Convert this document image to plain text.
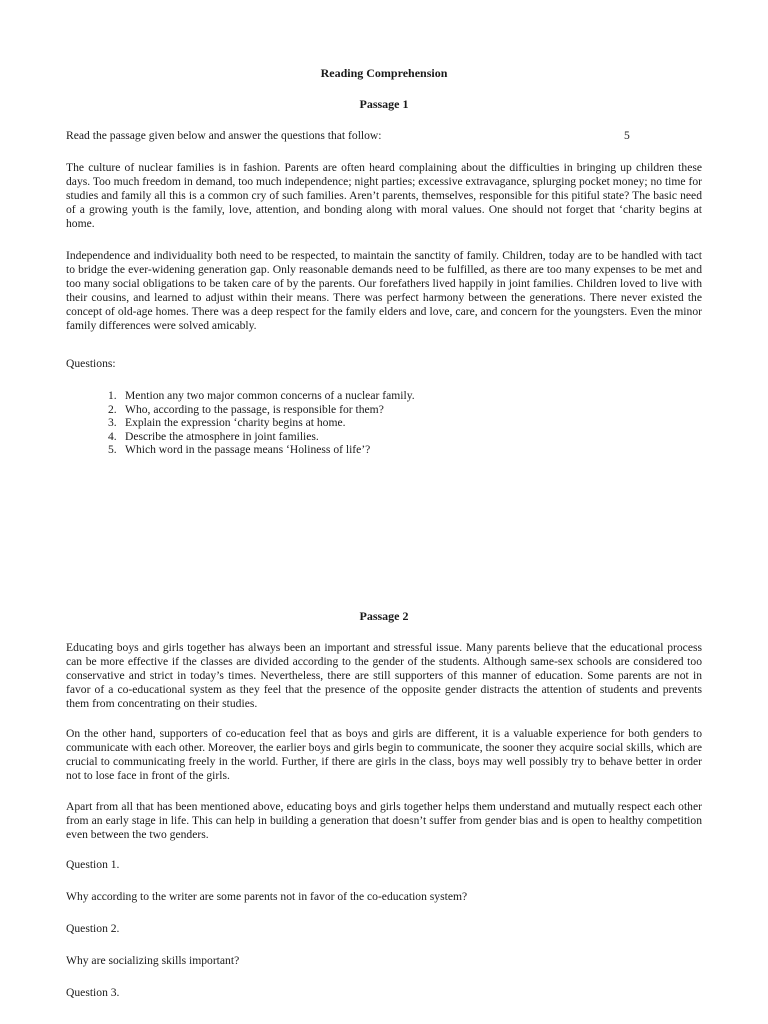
Reading Comprehension
Passage 1

Read the passage given below and answer the questions that follow:	5

The culture of nuclear families is in fashion. Parents are often heard complaining about the difficulties in bringing up children these days. Too much freedom in demand, too much independence; night parties; excessive extravagance, splurging pocket money; no time for studies and family all this is a common cry of such families. Aren’t parents, themselves, responsible for this pitiful state? The basic need of a growing youth is the family, love, attention, and bonding along with moral values. One should not forget that ‘charity begins at home.

Independence and individuality both need to be respected, to maintain the sanctity of family. Children, today are to be handled with tact to bridge the ever-widening generation gap. Only reasonable demands need to be fulfilled, as there are too many expenses to be met and too many social obligations to be taken care of by the parents. Our forefathers lived happily in joint families. Children loved to live with their cousins, and learned to adjust within their means. There was perfect harmony between the generations. There never existed the concept of old-age homes. There was a deep respect for the family elders and love, care, and concern for the youngsters. Even the minor family differences were solved amicably.

Questions:

1. Mention any two major common concerns of a nuclear family.
2. Who, according to the passage, is responsible for them?
3. Explain the expression ‘charity begins at home.
4. Describe the atmosphere in joint families.
5. Which word in the passage means ‘Holiness of life’?
Passage 2

Educating boys and girls together has always been an important and stressful issue. Many parents believe that the educational process can be more effective if the classes are divided according to the gender of the students. Although same-sex schools are considered too conservative and strict in today’s times. Nevertheless, there are still supporters of this manner of education. Some parents are not in favor of a co-educational system as they feel that the presence of the opposite gender distracts the attention of students and prevents them from concentrating on their studies.

On the other hand, supporters of co-education feel that as boys and girls are different, it is a valuable experience for both genders to communicate with each other. Moreover, the earlier boys and girls begin to communicate, the sooner they acquire social skills, which are crucial to communicating freely in the world. Further, if there are girls in the class, boys may well possibly try to behave better in order not to lose face in front of the girls.

Apart from all that has been mentioned above, educating boys and girls together helps them understand and mutually respect each other from an early stage in life. This can help in building a generation that doesn’t suffer from gender bias and is open to healthy competition even between the two genders.

Question 1.

Why according to the writer are some parents not in favor of the co-education system?

Question 2.

Why are socializing skills important?

Question 3.
